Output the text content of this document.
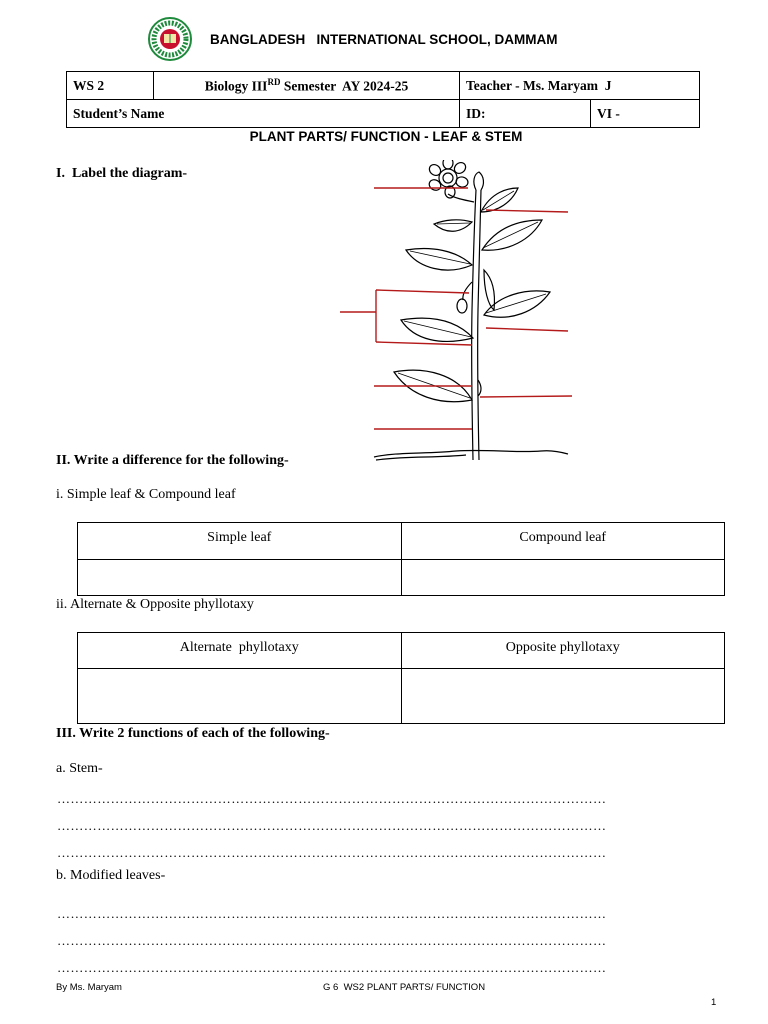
BANGLADESH   INTERNATIONAL SCHOOL, DAMMAM
WS 2	Biology IIIRD Semester  AY 2024-25	Teacher - Ms. Maryam  J	
Student’s Name		ID:	VI -
PLANT PARTS/ FUNCTION - LEAF & STEM
I.  Label the diagram-
II. Write a difference for the following-
i. Simple leaf & Compound leaf
Simple leaf	Compound leaf

ii. Alternate & Opposite phyllotaxy
Alternate  phyllotaxy	Opposite phyllotaxy

III. Write 2 functions of each of the following-
a. Stem-
……………………………………………………………………………………………………………
……………………………………………………………………………………………………………
……………………………………………………………………………………………………………
b. Modified leaves-
……………………………………………………………………………………………………………
……………………………………………………………………………………………………………
……………………………………………………………………………………………………………
By Ms. Maryam	G 6  WS2 PLANT PARTS/ FUNCTION
1
